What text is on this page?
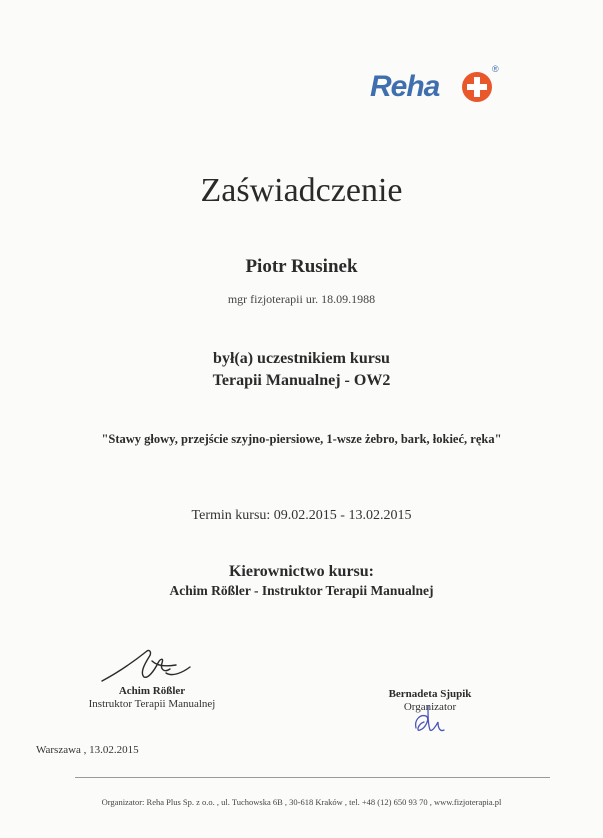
Reha
®
Zaświadczenie
Piotr Rusinek
mgr fizjoterapii ur. 18.09.1988
był(a) uczestnikiem kursu
Terapii Manualnej - OW2
"Stawy głowy, przejście szyjno-piersiowe, 1-wsze żebro, bark, łokieć, ręka"
Termin kursu: 09.02.2015 - 13.02.2015
Kierownictwo kursu:
Achim Rößler - Instruktor Terapii Manualnej
Achim Rößler
Instruktor Terapii Manualnej
Bernadeta Sjupik
Organizator
Warszawa , 13.02.2015
Organizator: Reha Plus Sp. z o.o. , ul. Tuchowska 6B , 30-618 Kraków , tel. +48 (12) 650 93 70 , www.fizjoterapia.pl
